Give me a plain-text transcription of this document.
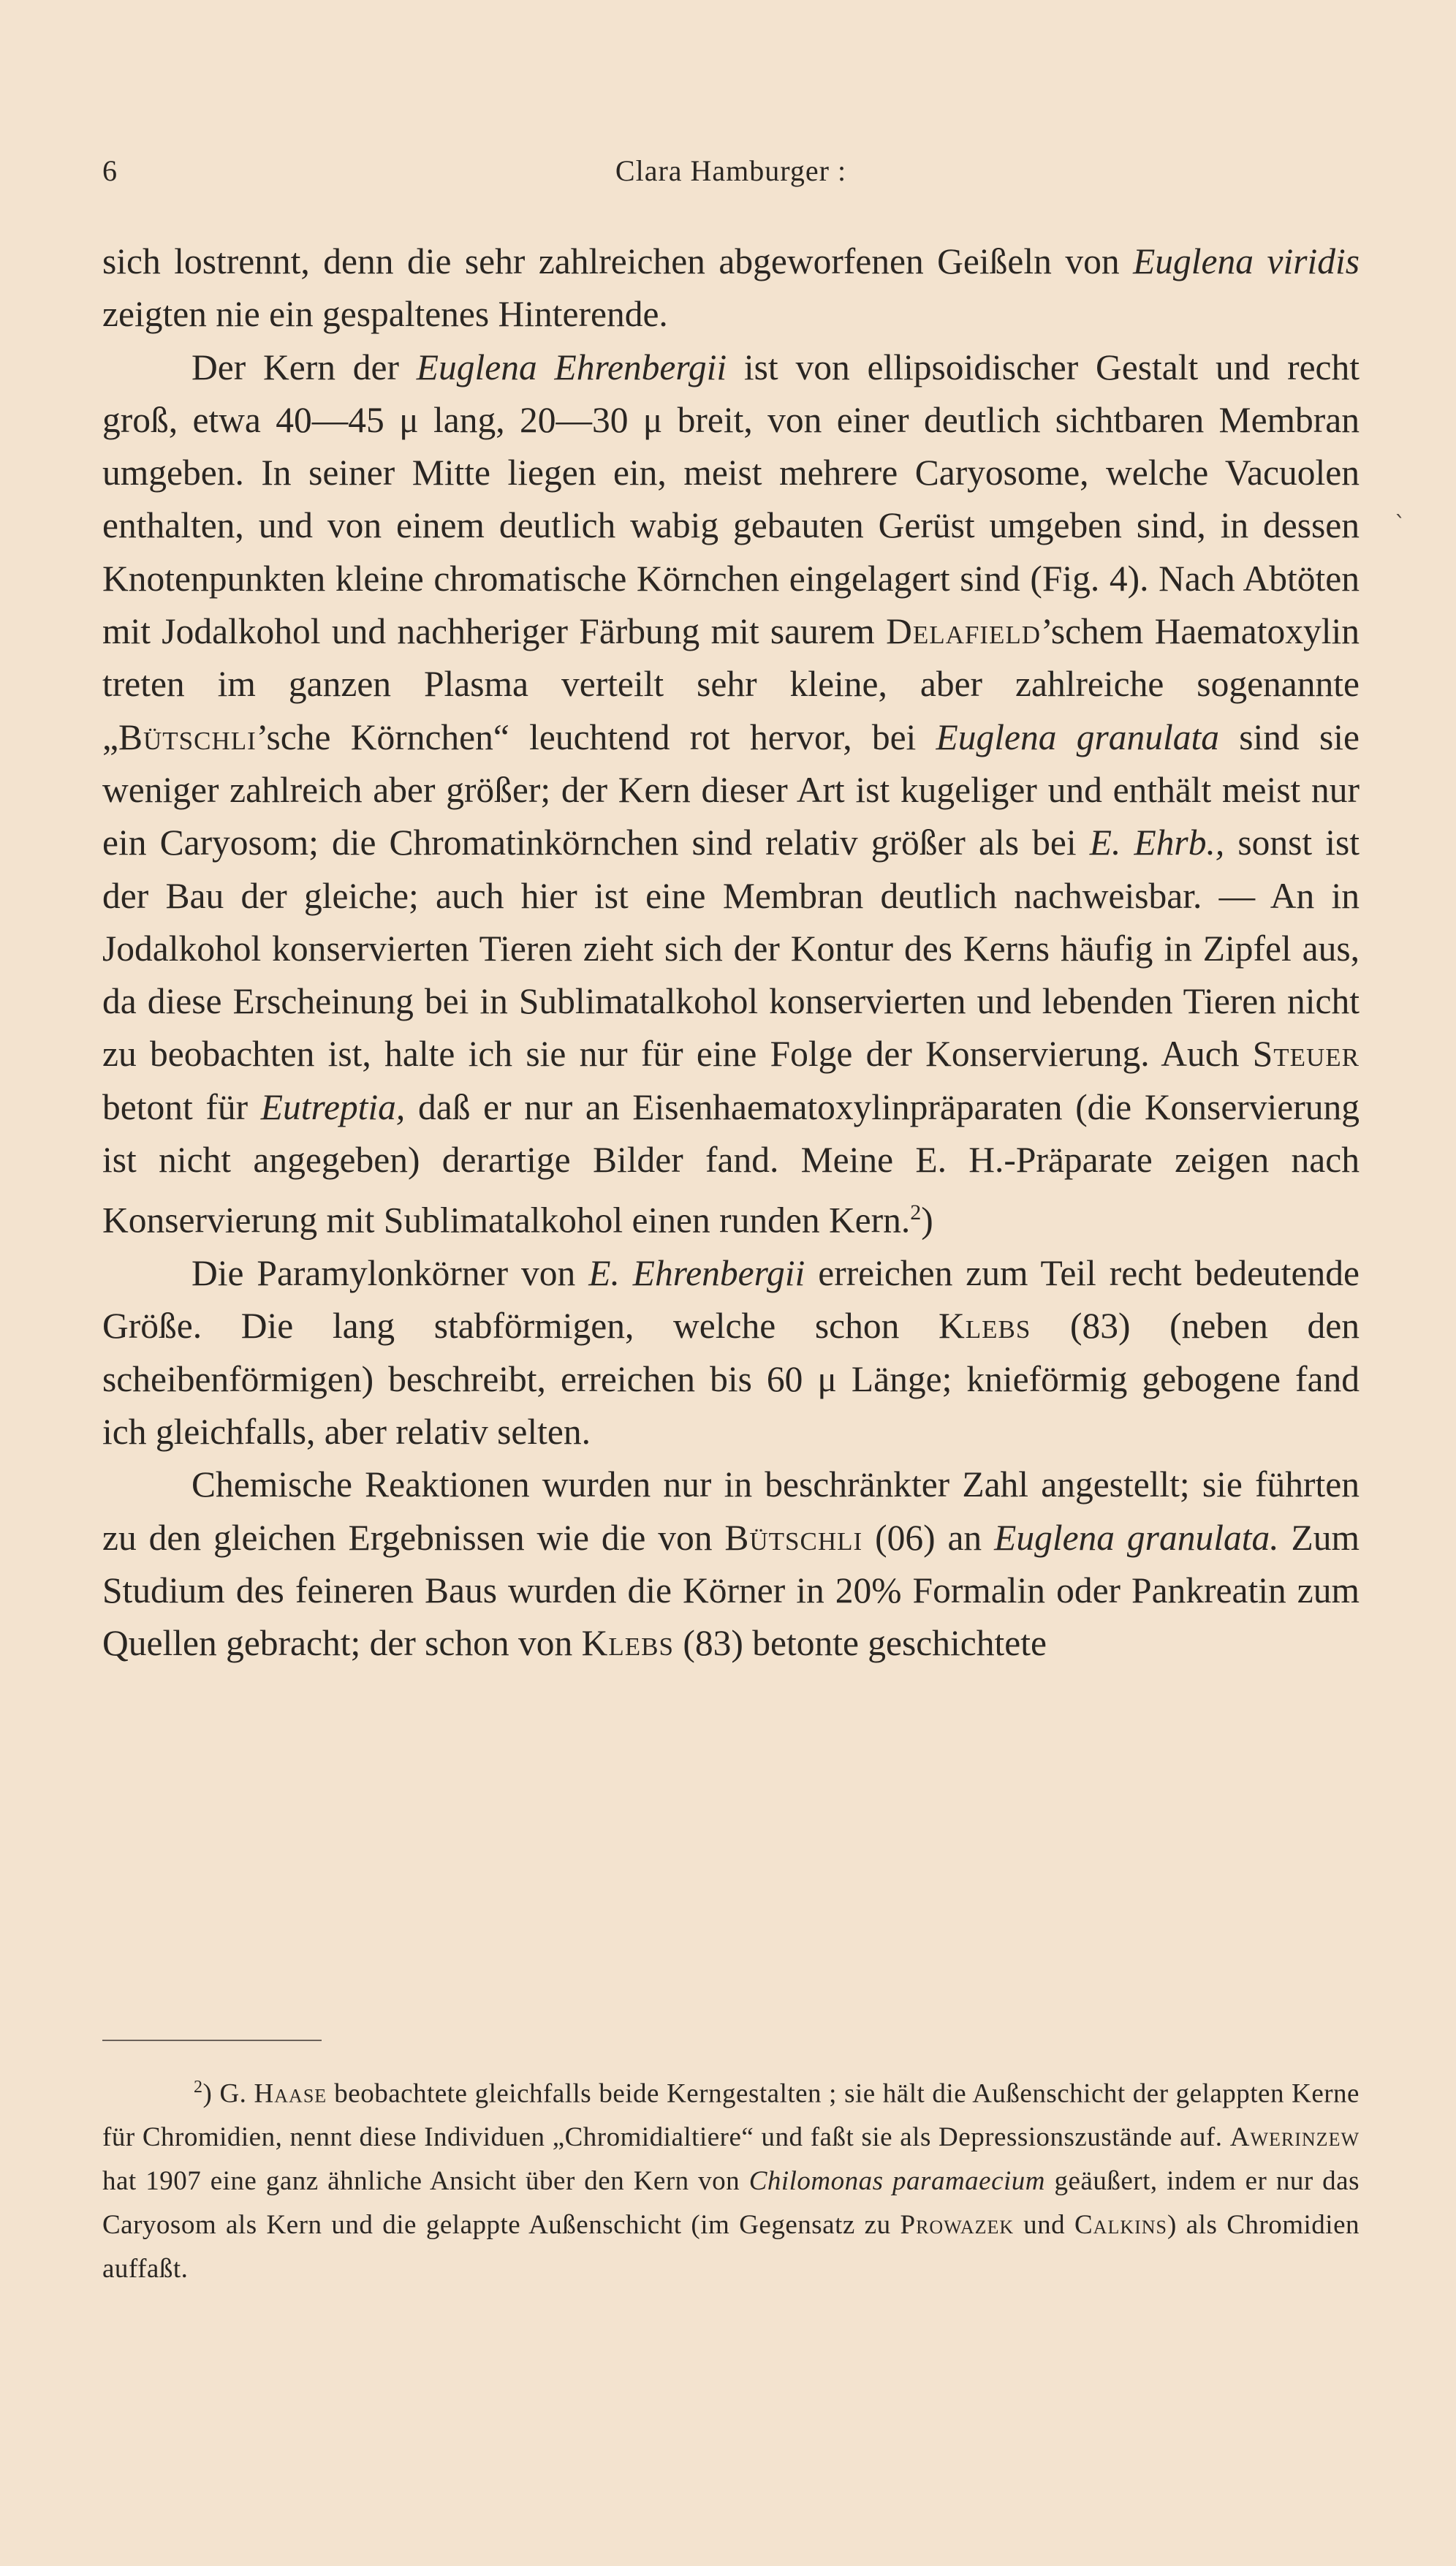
6	Clara Hamburger :
ˋ

sich lostrennt, denn die sehr zahlreichen abgeworfenen Geißeln von Euglena viridis zeigten nie ein gespaltenes Hinterende.

Der Kern der Euglena Ehrenbergii ist von ellipsoidischer Gestalt und recht groß, etwa 40—45 μ lang, 20—30 μ breit, von einer deutlich sichtbaren Membran umgeben. In seiner Mitte liegen ein, meist mehrere Caryosome, welche Vacuolen enthalten, und von einem deutlich wabig gebauten Gerüst umgeben sind, in dessen Knotenpunkten kleine chromatische Körnchen eingelagert sind (Fig. 4). Nach Abtöten mit Jodalkohol und nachheriger Färbung mit saurem Delafield’schem Haematoxylin treten im ganzen Plasma verteilt sehr kleine, aber zahlreiche sogenannte „Bütschli’sche Körnchen“ leuchtend rot hervor, bei Euglena granulata sind sie weniger zahlreich aber größer; der Kern dieser Art ist kugeliger und enthält meist nur ein Caryosom; die Chromatinkörnchen sind relativ größer als bei E. Ehrb., sonst ist der Bau der gleiche; auch hier ist eine Membran deutlich nachweisbar. — An in Jodalkohol konservierten Tieren zieht sich der Kontur des Kerns häufig in Zipfel aus, da diese Erscheinung bei in Sublimatalkohol konservierten und lebenden Tieren nicht zu beobachten ist, halte ich sie nur für eine Folge der Konservierung. Auch Steuer betont für Eutreptia, daß er nur an Eisenhaematoxylinpräparaten (die Konservierung ist nicht angegeben) derartige Bilder fand. Meine E. H.-Präparate zeigen nach Konservierung mit Sublimatalkohol einen runden Kern.$^2$)

Die Paramylonkörner von E. Ehrenbergii erreichen zum Teil recht bedeutende Größe. Die lang stabförmigen, welche schon Klebs (83) (neben den scheibenförmigen) beschreibt, erreichen bis 60 μ Länge; knieförmig gebogene fand ich gleichfalls, aber relativ selten.

Chemische Reaktionen wurden nur in beschränkter Zahl angestellt; sie führten zu den gleichen Ergebnissen wie die von Bütschli (06) an Euglena granulata. Zum Studium des feineren Baus wurden die Körner in 20% Formalin oder Pankreatin zum Quellen gebracht; der schon von Klebs (83) betonte geschichtete

$^2$) G. Haase beobachtete gleichfalls beide Kerngestalten ; sie hält die Außenschicht der gelappten Kerne für Chromidien, nennt diese Individuen „Chromidialtiere“ und faßt sie als Depressionszustände auf. Awerinzew hat 1907 eine ganz ähnliche Ansicht über den Kern von Chilomonas paramaecium geäußert, indem er nur das Caryosom als Kern und die gelappte Außenschicht (im Gegensatz zu Prowazek und Calkins) als Chromidien auffaßt.
